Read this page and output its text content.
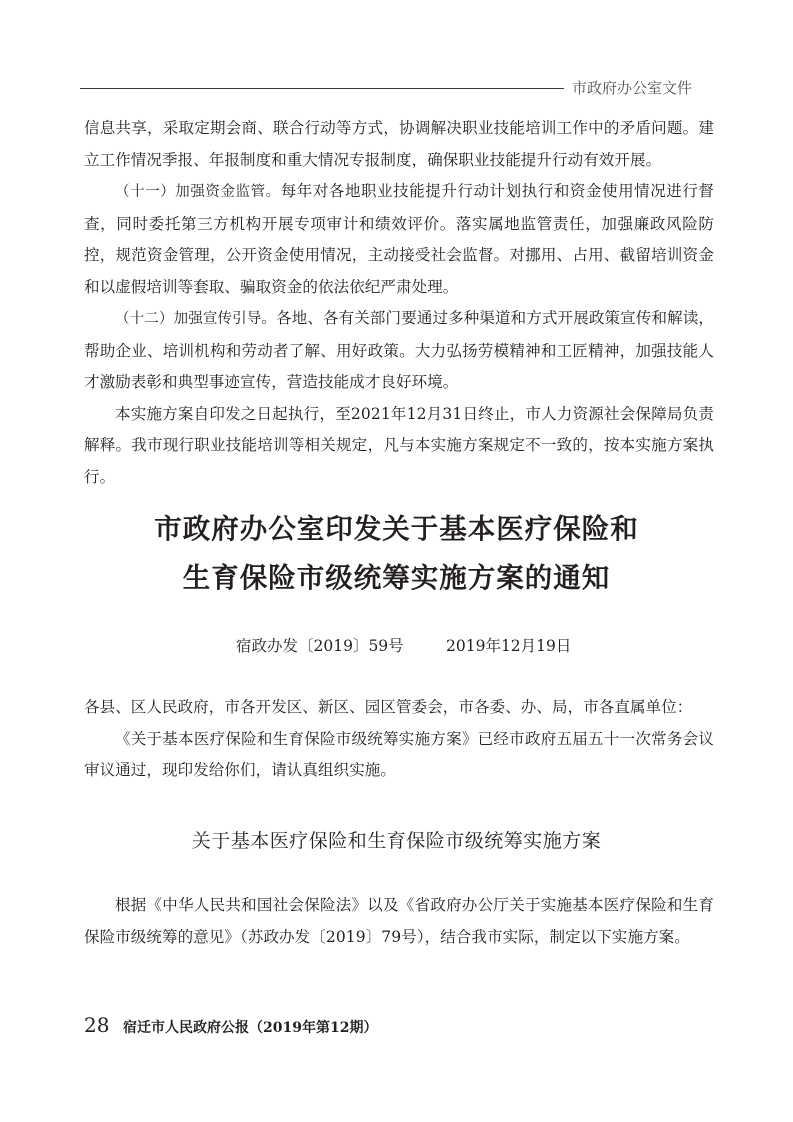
市政府办公室文件

信息共享，采取定期会商、联合行动等方式，协调解决职业技能培训工作中的矛盾问题。建立工作情况季报、年报制度和重大情况专报制度，确保职业技能提升行动有效开展。

（十一）加强资金监管。每年对各地职业技能提升行动计划执行和资金使用情况进行督查，同时委托第三方机构开展专项审计和绩效评价。落实属地监管责任，加强廉政风险防控，规范资金管理，公开资金使用情况，主动接受社会监督。对挪用、占用、截留培训资金和以虚假培训等套取、骗取资金的依法依纪严肃处理。

（十二）加强宣传引导。各地、各有关部门要通过多种渠道和方式开展政策宣传和解读，帮助企业、培训机构和劳动者了解、用好政策。大力弘扬劳模精神和工匠精神，加强技能人才激励表彰和典型事迹宣传，营造技能成才良好环境。

本实施方案自印发之日起执行，至2021年12月31日终止，市人力资源社会保障局负责解释。我市现行职业技能培训等相关规定，凡与本实施方案规定不一致的，按本实施方案执行。

市政府办公室印发关于基本医疗保险和
生育保险市级统筹实施方案的通知
宿政办发〔2019〕59号	2019年12月19日

各县、区人民政府，市各开发区、新区、园区管委会，市各委、办、局，市各直属单位：

《关于基本医疗保险和生育保险市级统筹实施方案》已经市政府五届五十一次常务会议审议通过，现印发给你们，请认真组织实施。

关于基本医疗保险和生育保险市级统筹实施方案

根据《中华人民共和国社会保险法》以及《省政府办公厅关于实施基本医疗保险和生育保险市级统筹的意见》（苏政办发〔2019〕79号），结合我市实际，制定以下实施方案。

28 宿迁市人民政府公报（2019年第12期）
